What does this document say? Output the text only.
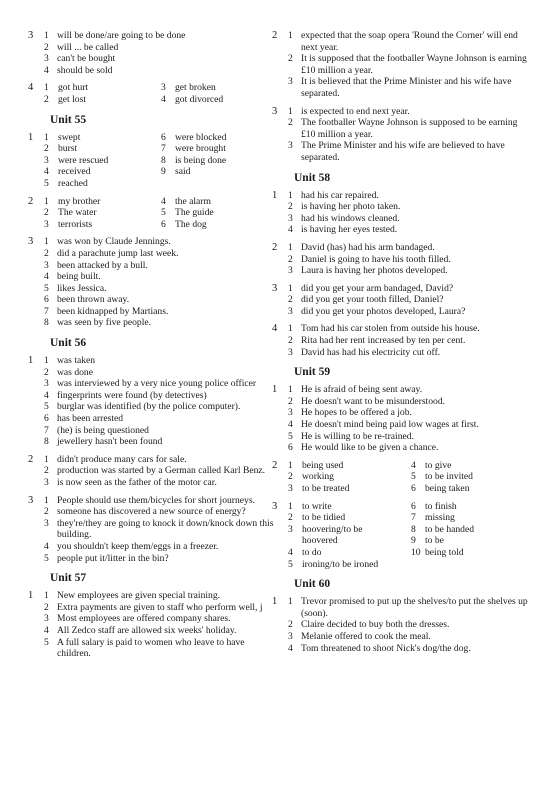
3 1 will be done/are going to be done
2 will ... be called
3 can't be bought
4 should be sold
4 1 got hurt	3 get broken
2 get lost	4 got divorced
Unit 55
1 1 swept	6 were blocked
2 burst	7 were brought
3 were rescued	8 is being done
4 received	9 said
5 reached
2 1 my brother	4 the alarm
2 The water	5 The guide
3 terrorists	6 The dog
3 1 was won by Claude Jennings.
2 did a parachute jump last week.
3 been attacked by a bull.
4 being built.
5 likes Jessica.
6 been thrown away.
7 been kidnapped by Martians.
8 was seen by five people.
Unit 56
1 1 was taken
2 was done
3 was interviewed by a very nice young police officer
4 fingerprints were found (by detectives)
5 burglar was identified (by the police computer).
6 has been arrested
7 (he) is being questioned
8 jewellery hasn't been found
2 1 didn't produce many cars for sale.
2 production was started by a German called Karl Benz.
3 is now seen as the father of the motor car.
3 1 People should use them/bicycles for short journeys.
2 someone has discovered a new source of energy?
3 they're/they are going to knock it down/knock down this building.
4 you shouldn't keep them/eggs in a freezer.
5 people put it/litter in the bin?
Unit 57
1 1 New employees are given special training.
2 Extra payments are given to staff who perform well, j
3 Most employees are offered company shares.
4 All Zedco staff are allowed six weeks' holiday.
5 A full salary is paid to women who leave to have children.
2 1 expected that the soap opera 'Round the Corner' will end next year.
2 It is supposed that the footballer Wayne Johnson is earning £10 million a year.
3 It is believed that the Prime Minister and his wife have separated.
3 1 is expected to end next year.
2 The footballer Wayne Johnson is supposed to be earning £10 million a year.
3 The Prime Minister and his wife are believed to have separated.
Unit 58
1 1 had his car repaired.
2 is having her photo taken.
3 had his windows cleaned.
4 is having her eyes tested.
2 1 David (has) had his arm bandaged.
2 Daniel is going to have his tooth filled.
3 Laura is having her photos developed.
3 1 did you get your arm bandaged, David?
2 did you get your tooth filled, Daniel?
3 did you get your photos developed, Laura?
4 1 Tom had his car stolen from outside his house.
2 Rita had her rent increased by ten per cent.
3 David has had his electricity cut off.
Unit 59
1 1 He is afraid of being sent away.
2 He doesn't want to be misunderstood.
3 He hopes to be offered a job.
4 He doesn't mind being paid low wages at first.
5 He is willing to be re-trained.
6 He would like to be given a chance.
2 1 being used	4 to give
2 working	5 to be invited
3 to be treated	6 being taken
3 1 to write	6 to finish
2 to be tidied	7 missing
3 hoovering/to be	8 to be handed
hoovered	9 to be
4 to do	10 being told
5 ironing/to be ironed
Unit 60
1 1 Trevor promised to put up the shelves/to put the shelves up (soon).
2 Claire decided to buy both the dresses.
3 Melanie offered to cook the meal.
4 Tom threatened to shoot Nick's dog/the dog.
